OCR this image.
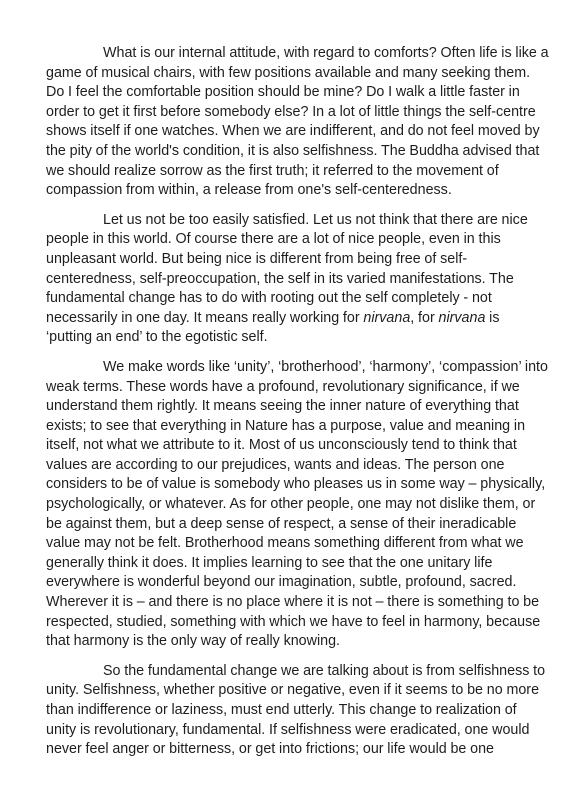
What is our internal attitude, with regard to comforts? Often life is like a game of musical chairs, with few positions available and many seeking them. Do I feel the comfortable position should be mine? Do I walk a little faster in order to get it first before somebody else? In a lot of little things the self-centre shows itself if one watches. When we are indifferent, and do not feel moved by the pity of the world's condition, it is also selfishness. The Buddha advised that we should realize sorrow as the first truth; it referred to the movement of compassion from within, a release from one's self-centeredness.

Let us not be too easily satisfied. Let us not think that there are nice people in this world. Of course there are a lot of nice people, even in this unpleasant world. But being nice is different from being free of self-centeredness, self-preoccupation, the self in its varied manifestations. The fundamental change has to do with rooting out the self completely - not necessarily in one day. It means really working for nirvana, for nirvana is ‘putting an end’ to the egotistic self.

We make words like ‘unity’, ‘brotherhood’, ‘harmony’, ‘compassion’ into weak terms. These words have a profound, revolutionary significance, if we understand them rightly. It means seeing the inner nature of everything that exists; to see that everything in Nature has a purpose, value and meaning in itself, not what we attribute to it. Most of us unconsciously tend to think that values are according to our prejudices, wants and ideas. The person one considers to be of value is somebody who pleases us in some way – physically, psychologically, or whatever. As for other people, one may not dislike them, or be against them, but a deep sense of respect, a sense of their ineradicable value may not be felt. Brotherhood means something different from what we generally think it does. It implies learning to see that the one unitary life everywhere is wonderful beyond our imagination, subtle, profound, sacred. Wherever it is – and there is no place where it is not – there is something to be respected, studied, something with which we have to feel in harmony, because that harmony is the only way of really knowing.

So the fundamental change we are talking about is from selfishness to unity. Selfishness, whether positive or negative, even if it seems to be no more than indifference or laziness, must end utterly. This change to realization of unity is revolutionary, fundamental. If selfishness were eradicated, one would never feel anger or bitterness, or get into frictions; our life would be one
